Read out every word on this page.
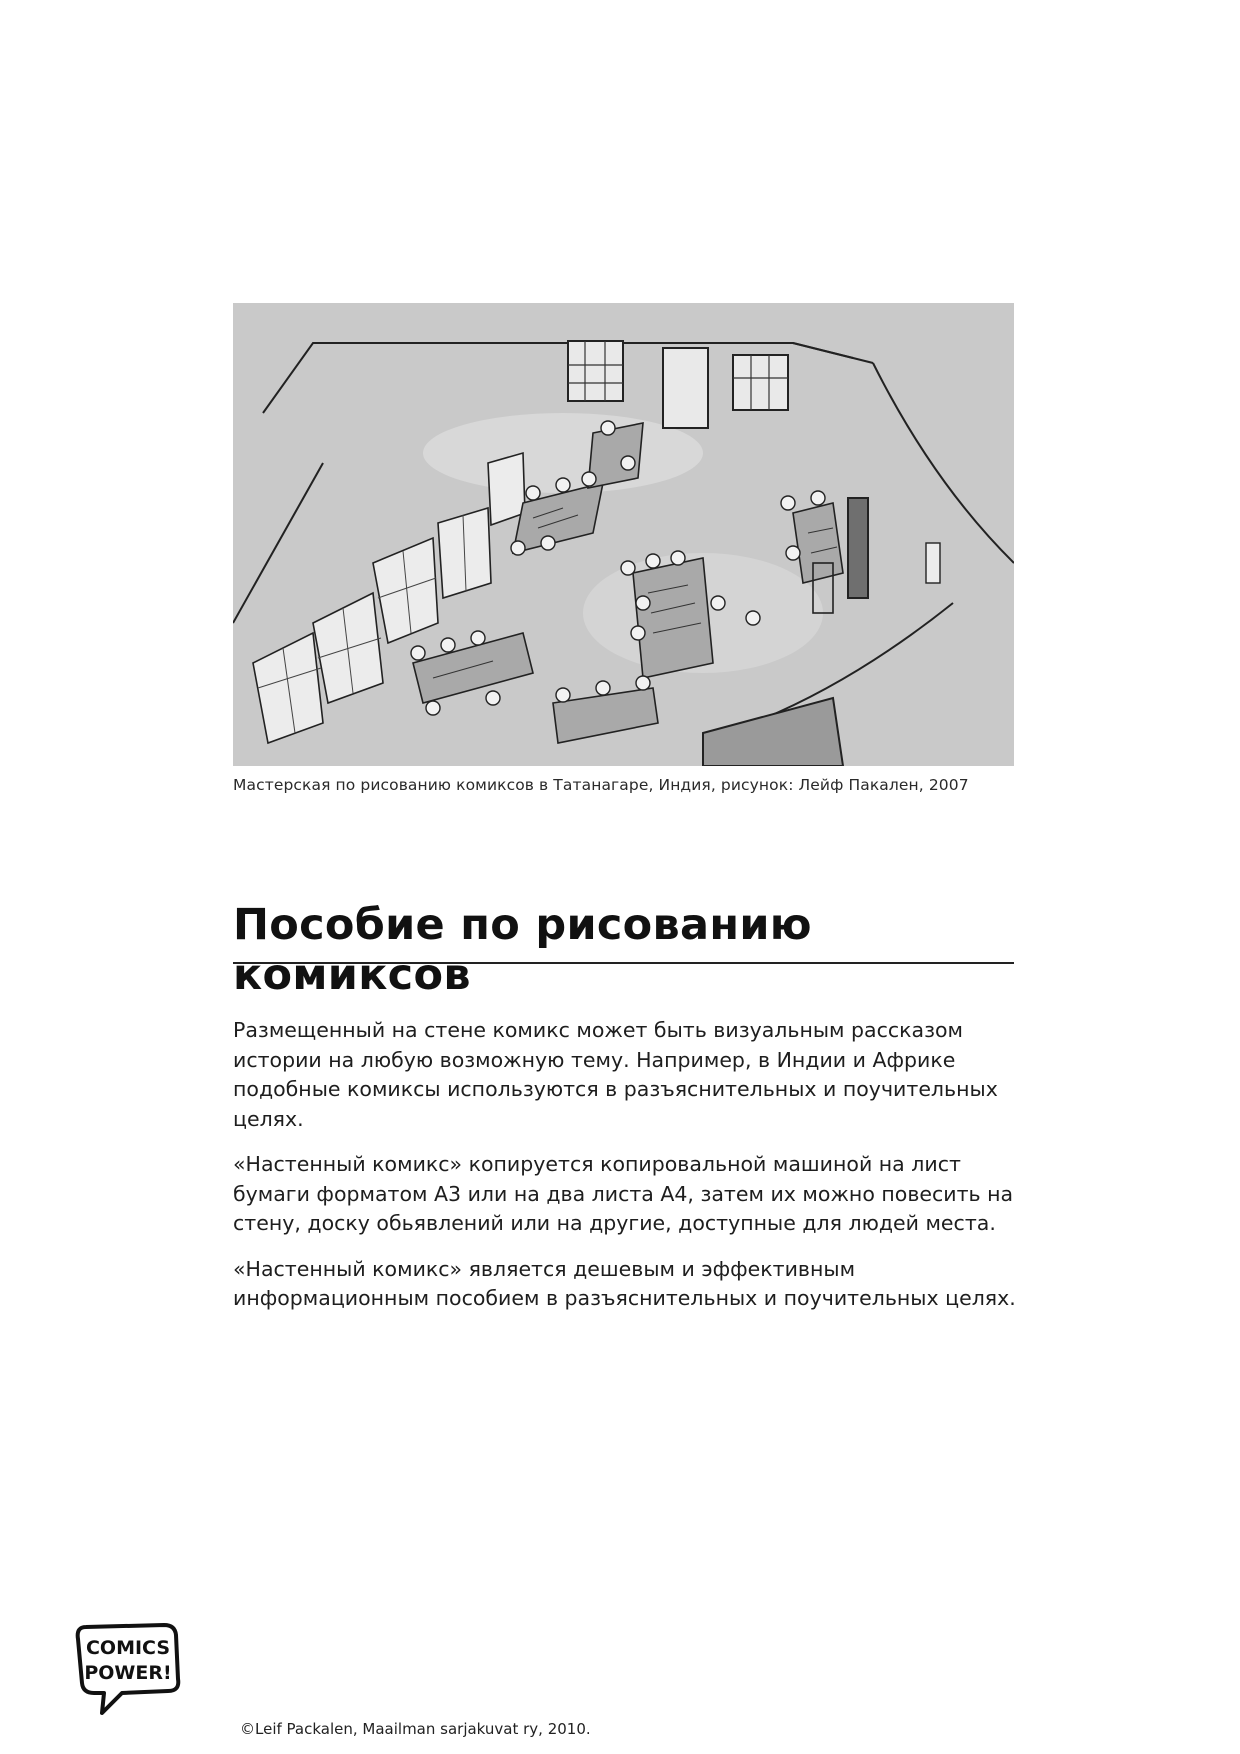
Мастерская по рисованию комиксов в Татанагаре, Индия, рисунок: Лейф Пакален, 2007

Пособие по рисованию комиксов

Размещенный на стене комикс может быть визуальным рассказом истории на любую возможную тему. Например, в Индии и Африке подобные комиксы используются в разъяснительных и поучительных целях.

«Настенный комикс» копируется копировальной машиной на лист бумаги форматом А3 или на два листа А4, затем их можно повесить на стену, доску обьявлений или на другие, доступные для людей места.

«Настенный комикс» является дешевым и эффективным информационным пособием в разъяснительных и поучительных целях.

COMICS
POWER!

©Leif Packalen, Maailman sarjakuvat ry, 2010.
